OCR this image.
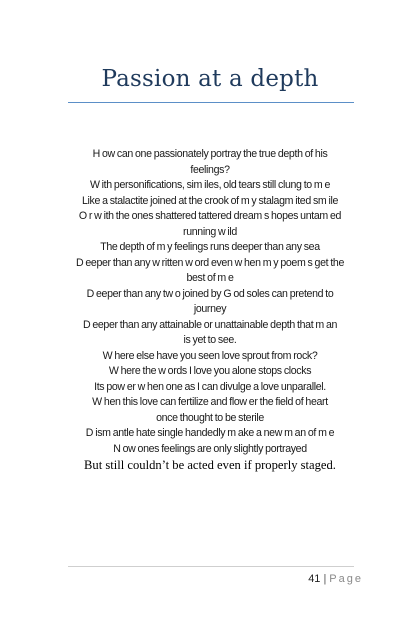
Passion at a depth
H ow can one passionately portray the true depth of his
feelings?
W ith personifications, sim iles, old tears still clung to m e
Like a stalactite joined at the crook of m y stalagm ited sm ile
O r w ith the ones shattered tattered dream s hopes untam ed
running w ild
The depth of m y feelings runs deeper than any sea
D eeper than any w ritten w ord even w hen m y poem s get the
best of m e
D eeper than any tw o joined by G od soles can pretend to
journey
D eeper than any attainable or unattainable depth that m an
is yet to see.
W here else have you seen love sprout from rock?
W here the w ords I love you alone stops clocks
Its pow er w hen one as I can divulge a love unparallel.
W hen this love can fertilize and flow er the field of heart
once thought to be sterile
D ism antle hate single handedly m ake a new m an of m e
N ow ones feelings are only slightly portrayed
But still couldn’t be acted even if properly staged.
41 | Page
